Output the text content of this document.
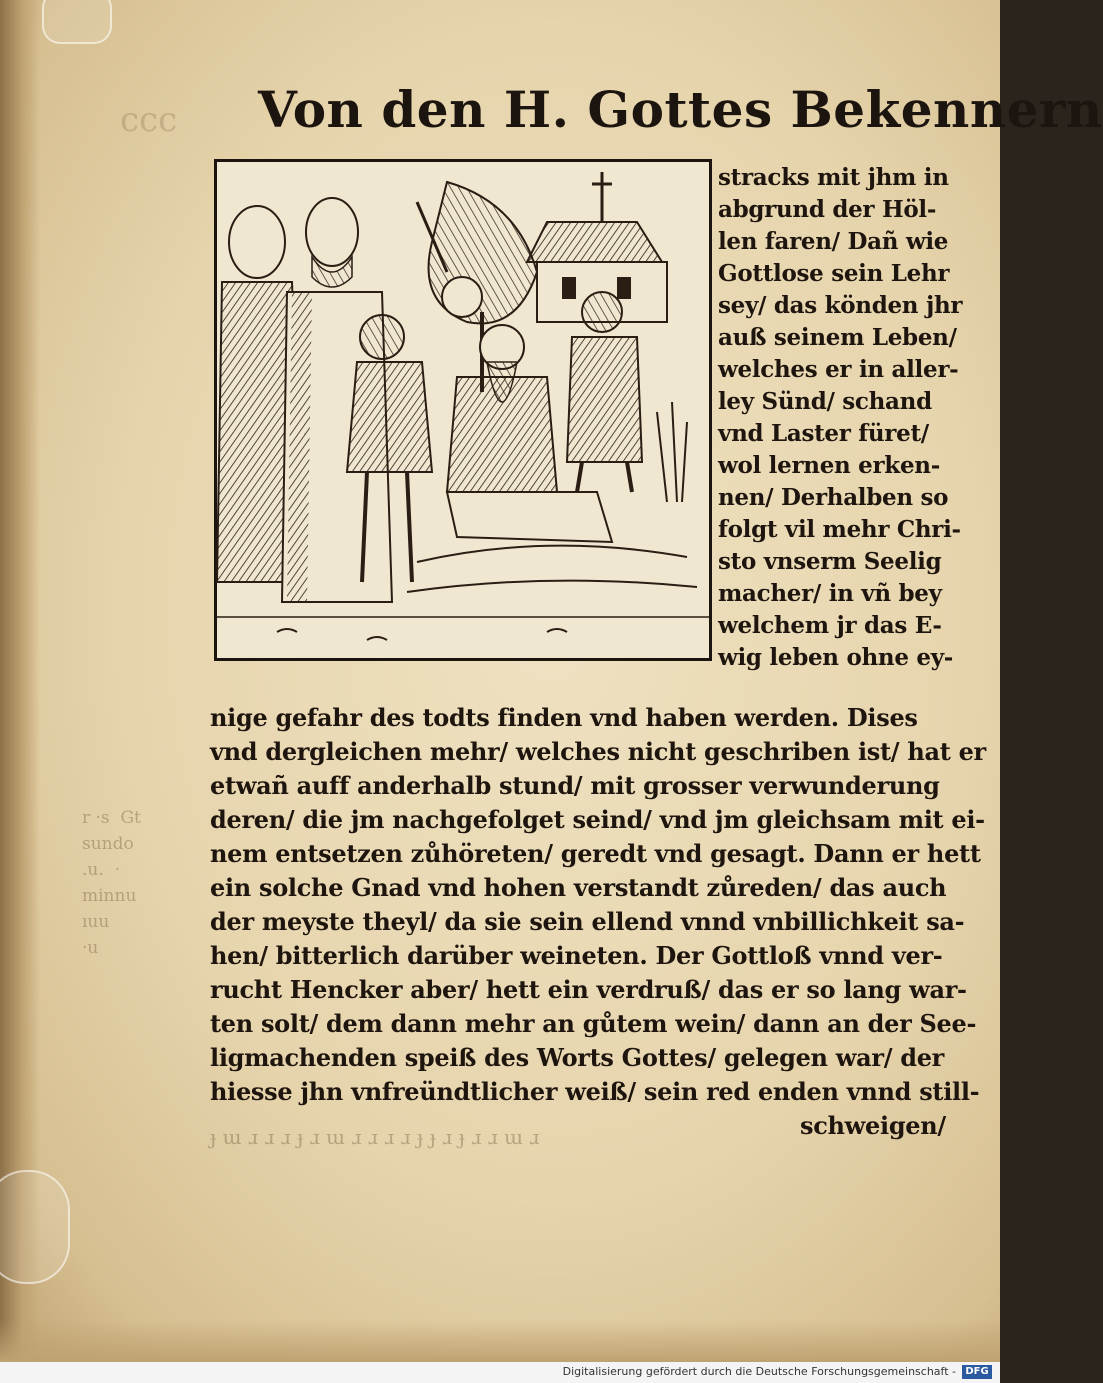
ccc
r ·s  Gt
sundo
.u.  ·
minnu
ıuu
·u
ɟ ɯ ɹ ɹ ɹ ɟ ɹ ɯ ɹ ɹ ɹ ɹ ɟ ɟ ɹ ɟ ɹ ɹ ɯ ɹ
Von den H. Gottes Bekennern
stracks mit jhm in
abgrund der Höl-
len faren/ Dañ wie
Gottlose sein Lehr
sey/ das könden jhr
auß seinem Leben/
welches er in aller-
ley Sünd/ schand
vnd Laster füret/
wol lernen erken-
nen/ Derhalben so
folgt vil mehr Chri-
sto vnserm Seelig
macher/ in vñ bey
welchem jr das E-
wig leben ohne ey-
nige gefahr des todts finden vnd haben werden. Dises
vnd dergleichen mehr/ welches nicht geschriben ist/ hat er
etwañ auff anderhalb stund/ mit grosser verwunderung
deren/ die jm nachgefolget seind/ vnd jm gleichsam mit ei-
nem entsetzen zůhöreten/ geredt vnd gesagt. Dann er hett
ein solche Gnad vnd hohen verstandt zůreden/ das auch
der meyste theyl/ da sie sein ellend vnnd vnbillichkeit sa-
hen/ bitterlich darüber weineten. Der Gottloß vnnd ver-
rucht Hencker aber/ hett ein verdruß/ das er so lang war-
ten solt/ dem dann mehr an gůtem wein/ dann an der See-
ligmachenden speiß des Worts Gottes/ gelegen war/ der
hiesse jhn vnfreündtlicher weiß/ sein red enden vnnd still-
schweigen/
Digitalisierung gefördert durch die Deutsche Forschungsgemeinschaft - DFG
